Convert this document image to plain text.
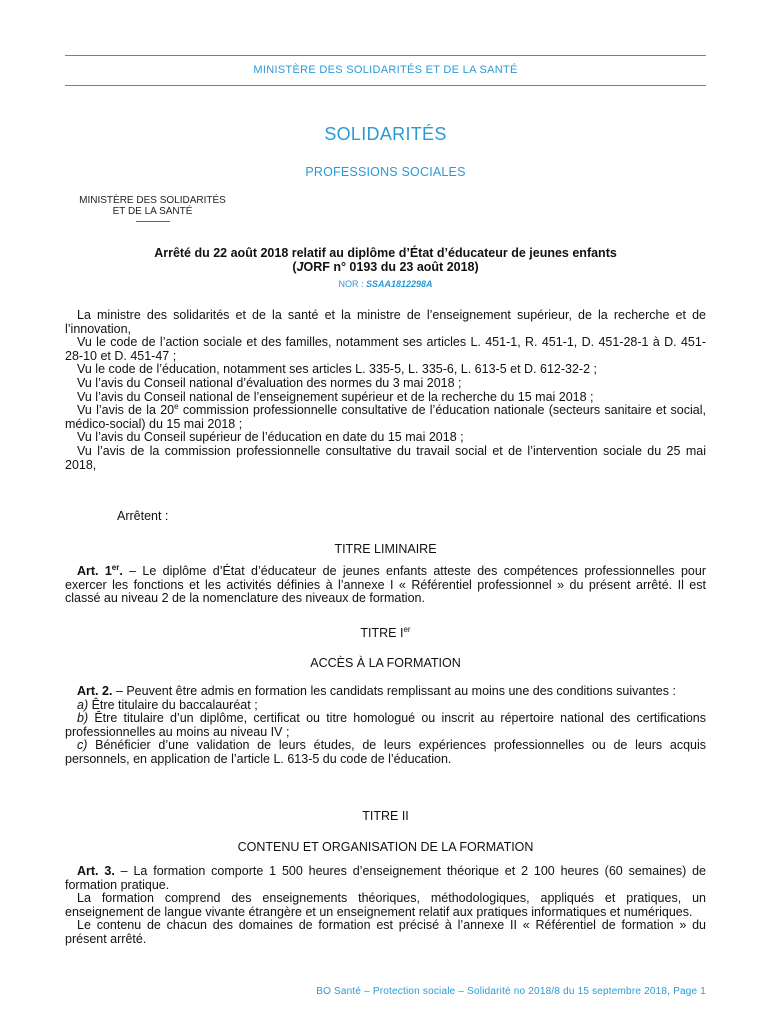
MINISTÈRE DES SOLIDARITÉS ET DE LA SANTÉ
SOLIDARITÉS
PROFESSIONS SOCIALES
MINISTÈRE DES SOLIDARITÉS
ET DE LA SANTÉ
Arrêté du 22 août 2018 relatif au diplôme d’État d’éducateur de jeunes enfants
(JORF n° 0193 du 23 août 2018)
NOR : SSAA1812298A

La ministre des solidarités et de la santé et la ministre de l’enseignement supérieur, de la recherche et de l’innovation,

Vu le code de l’action sociale et des familles, notamment ses articles L. 451-1, R. 451-1, D. 451-28-1 à D. 451-28-10 et D. 451-47 ;

Vu le code de l’éducation, notamment ses articles L. 335-5, L. 335-6, L. 613-5 et D. 612-32-2 ;

Vu l’avis du Conseil national d’évaluation des normes du 3 mai 2018 ;

Vu l’avis du Conseil national de l’enseignement supérieur et de la recherche du 15 mai 2018 ;

Vu l’avis de la 20e commission professionnelle consultative de l’éducation nationale (secteurs sanitaire et social, médico-social) du 15 mai 2018 ;

Vu l’avis du Conseil supérieur de l’éducation en date du 15 mai 2018 ;

Vu l’avis de la commission professionnelle consultative du travail social et de l’intervention sociale du 25 mai 2018,

Arrêtent :

TITRE LIMINAIRE

Art. 1er. – Le diplôme d’État d’éducateur de jeunes enfants atteste des compétences professionnelles pour exercer les fonctions et les activités définies à l’annexe I « Référentiel professionnel » du présent arrêté. Il est classé au niveau 2 de la nomenclature des niveaux de formation.

TITRE Ier
ACCÈS À LA FORMATION

Art. 2. – Peuvent être admis en formation les candidats remplissant au moins une des conditions suivantes :

a) Être titulaire du baccalauréat ;

b) Être titulaire d’un diplôme, certificat ou titre homologué ou inscrit au répertoire national des certifications professionnelles au moins au niveau IV ;

c) Bénéficier d’une validation de leurs études, de leurs expériences professionnelles ou de leurs acquis personnels, en application de l’article L. 613-5 du code de l’éducation.

TITRE II
CONTENU ET ORGANISATION DE LA FORMATION

Art. 3. – La formation comporte 1 500 heures d’enseignement théorique et 2 100 heures (60 semaines) de formation pratique.

La formation comprend des enseignements théoriques, méthodologiques, appliqués et pratiques, un enseignement de langue vivante étrangère et un enseignement relatif aux pratiques informatiques et numériques.

Le contenu de chacun des domaines de formation est précisé à l’annexe II « Référentiel de formation » du présent arrêté.

BO Santé – Protection sociale – Solidarité no 2018/8 du 15 septembre 2018, Page 1
